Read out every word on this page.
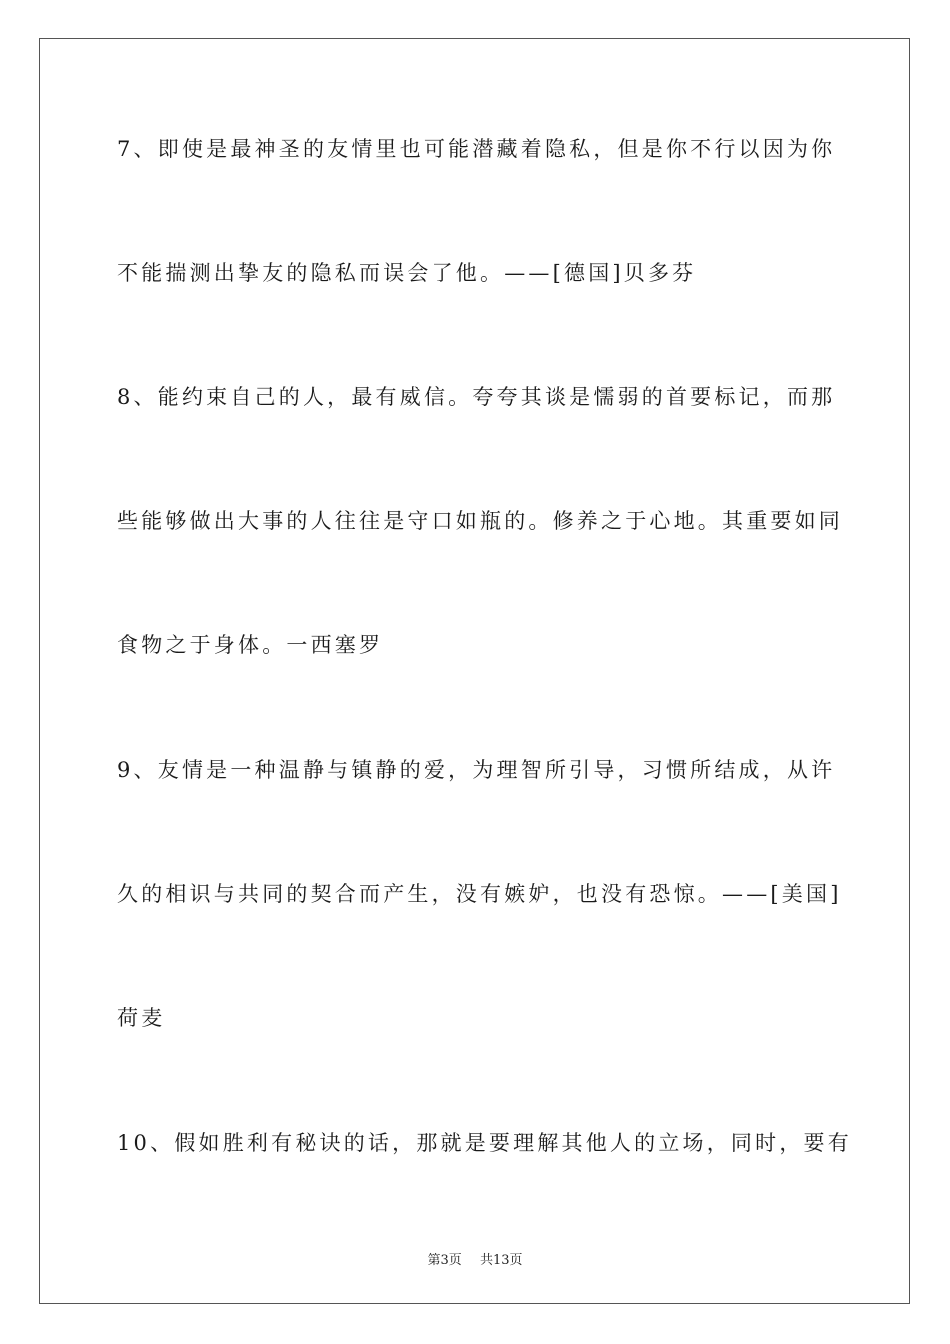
7、即使是最神圣的友情里也可能潜藏着隐私，但是你不行以因为你
不能揣测出挚友的隐私而误会了他。——[德国]贝多芬
8、能约束自己的人，最有威信。夸夸其谈是懦弱的首要标记，而那
些能够做出大事的人往往是守口如瓶的。修养之于心地。其重要如同
食物之于身体。一西塞罗
9、友情是一种温静与镇静的爱，为理智所引导，习惯所结成，从许
久的相识与共同的契合而产生，没有嫉妒，也没有恐惊。——[美国]
荷麦
10、假如胜利有秘诀的话，那就是要理解其他人的立场，同时，要有
第3页 共13页
